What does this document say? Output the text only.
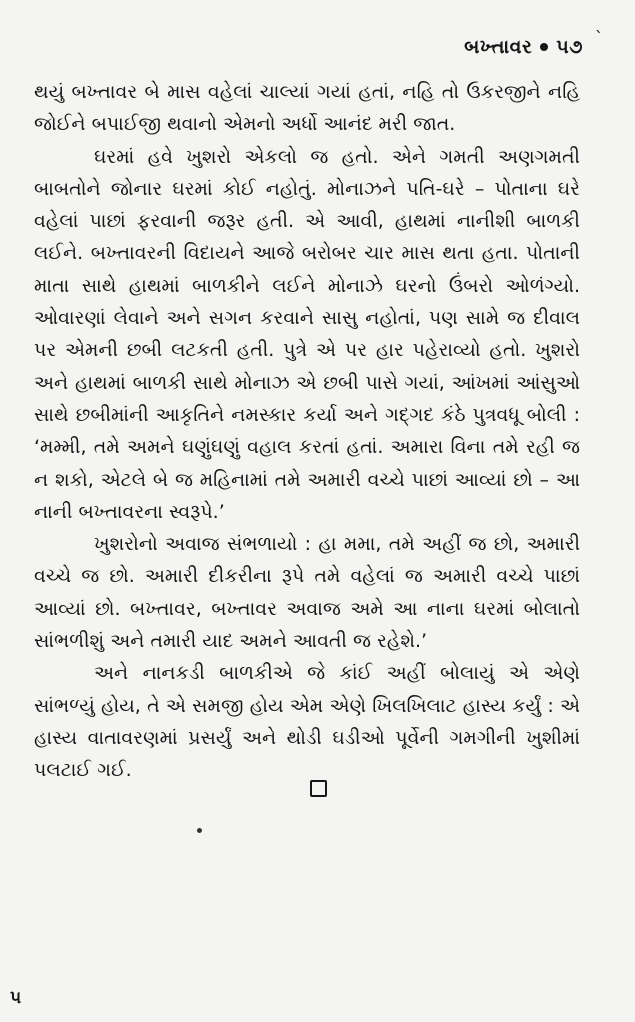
બખ્તાવર ૫૭ `

થયું બખ્તાવર બે માસ વહેલાં ચાલ્યાં ગયાં હતાં, નહિ તો ઉકરજીને નહિ જોઈને બપાઈજી થવાનો એમનો અર્ધો આનંદ મરી જાત.

ઘરમાં હવે ખુશરો એકલો જ હતો. એને ગમતી અણગમતી બાબતોને જોનાર ઘરમાં કોઈ નહોતું. મોનાઝને પતિ-ઘરે – પોતાના ઘરે વહેલાં પાછાં ફરવાની જરૂર હતી. એ આવી, હાથમાં નાનીશી બાળકી લઈને. બખ્તાવરની વિદાયને આજે બરોબર ચાર માસ થતા હતા. પોતાની માતા સાથે હાથમાં બાળકીને લઈને મોનાઝે ઘરનો ઉંબરો ઓળંગ્યો. ઓવારણાં લેવાને અને સગન કરવાને સાસુ નહોતાં, પણ સામે જ દીવાલ પર એમની છબી લટકતી હતી. પુત્રે એ પર હાર પહેરાવ્યો હતો. ખુશરો અને હાથમાં બાળકી સાથે મોનાઝ એ છબી પાસે ગયાં, આંખમાં આંસુઓ સાથે છબીમાંની આકૃતિને નમસ્કાર કર્યા અને ગદ્ગદ કંઠે પુત્રવધૂ બોલી : ‘મમ્મી, તમે અમને ઘણુંઘણું વહાલ કરતાં હતાં. અમારા વિના તમે રહી જ ન શકો, એટલે બે જ મહિનામાં તમે અમારી વચ્ચે પાછાં આવ્યાં છો – આ નાની બખ્તાવરના સ્વરૂપે.’

ખુશરોનો અવાજ સંભળાયો : હા મમા, તમે અહીં જ છો, અમારી વચ્ચે જ છો. અમારી દીકરીના રૂપે તમે વહેલાં જ અમારી વચ્ચે પાછાં આવ્યાં છો. બખ્તાવર, બખ્તાવર અવાજ અમે આ નાના ઘરમાં બોલાતો સાંભળીશું અને તમારી યાદ અમને આવતી જ રહેશે.’

અને નાનકડી બાળકીએ જે કાંઈ અહીં બોલાયું એ એણે સાંભળ્યું હોય, તે એ સમજી હોય એમ એણે ખિલખિલાટ હાસ્ય કર્યું : એ હાસ્ય વાતાવરણમાં પ્રસર્યું અને થોડી ઘડીઓ પૂર્વેની ગમગીની ખુશીમાં પલટાઈ ગઈ.

૫
